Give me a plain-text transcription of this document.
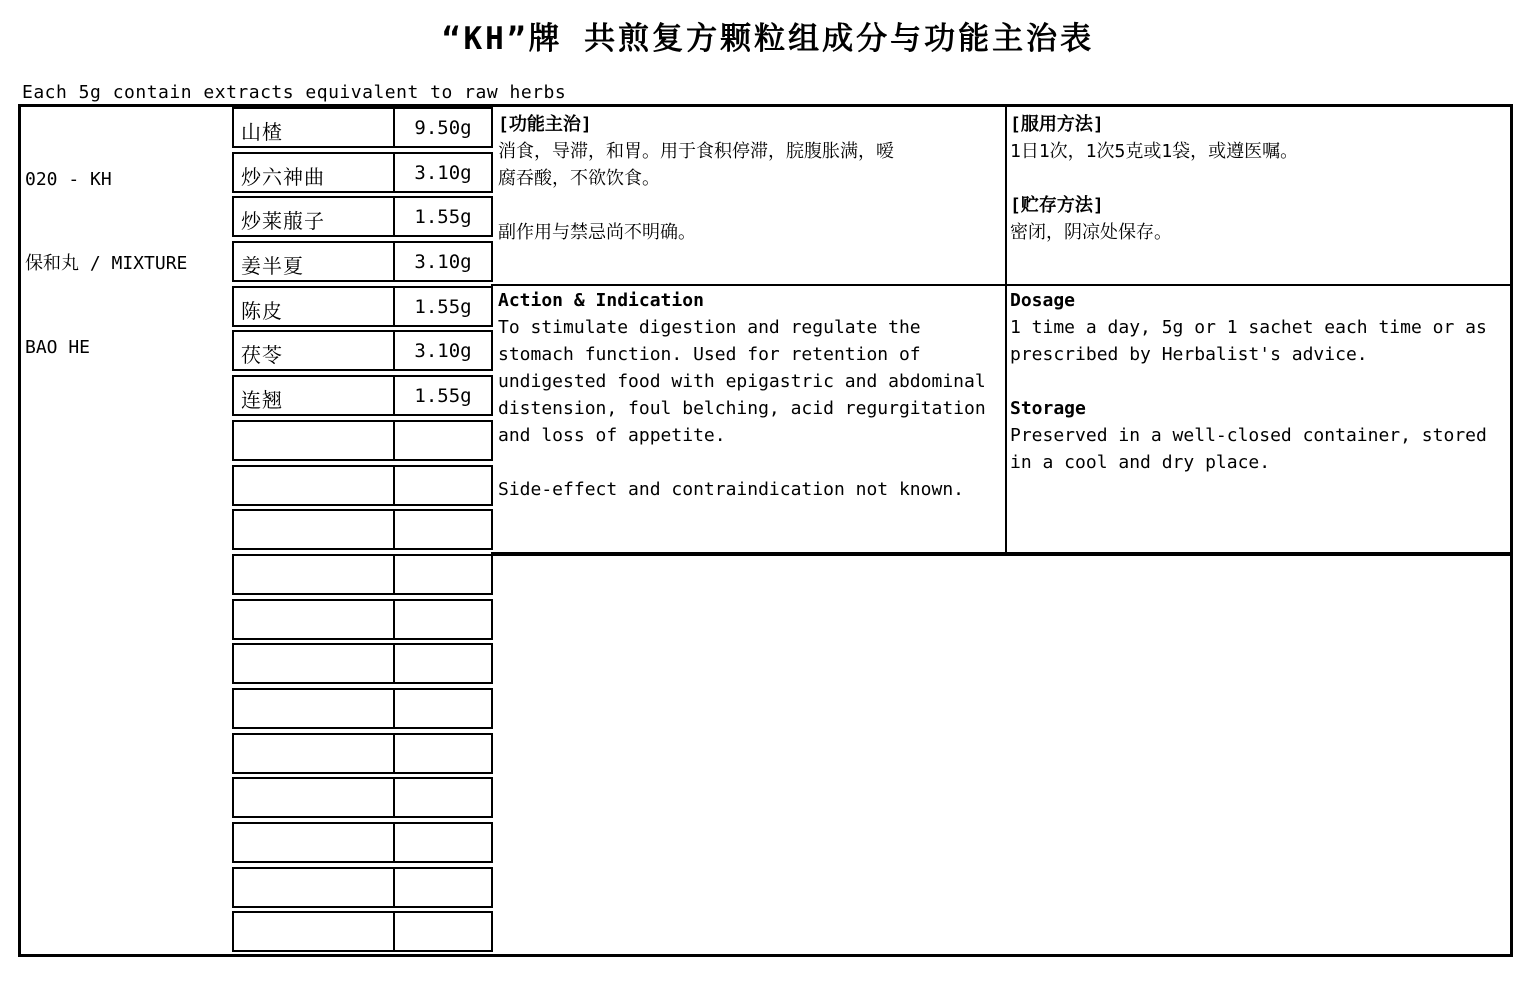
“KH”牌 共煎复方颗粒组成分与功能主治表
Each 5g contain extracts equivalent to raw herbs

020 - KH

保和丸 / MIXTURE

BAO HE

山楂	9.50g
炒六神曲	3.10g
炒莱菔子	1.55g
姜半夏	3.10g
陈皮	1.55g
茯苓	3.10g
连翘	1.55g
[功能主治]
消食，导滞，和胃。用于食积停滞，脘腹胀满，嗳
腐吞酸，不欲饮食。

副作用与禁忌尚不明确。
[服用方法]
1日1次，1次5克或1袋，或遵医嘱。

[贮存方法]
密闭，阴凉处保存。
Action & Indication
To stimulate digestion and regulate the
stomach function. Used for retention of
undigested food with epigastric and abdominal
distension, foul belching, acid regurgitation
and loss of appetite.

Side-effect and contraindication not known.
Dosage
1 time a day, 5g or 1 sachet each time or as
prescribed by Herbalist's advice.

Storage
Preserved in a well-closed container, stored
in a cool and dry place.
